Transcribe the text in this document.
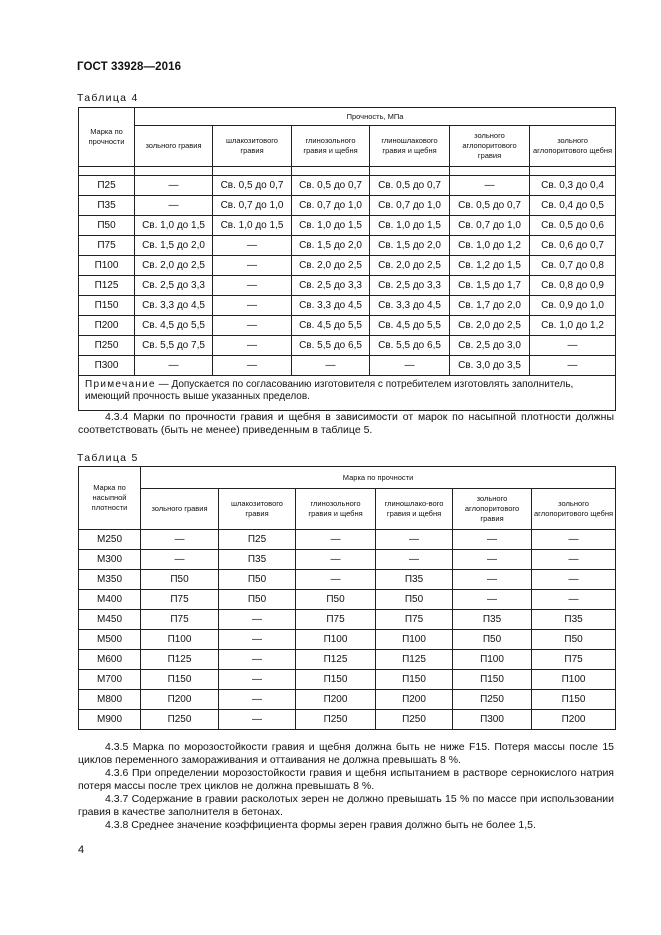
ГОСТ 33928—2016
Таблица 4
Марка по прочности	Прочность, МПа					
	зольного гравия	шлакозитового гравия	глинозольного гравия и щебня	глиношлакового гравия и щебня	зольного аглопоритового гравия	зольного аглопоритового щебня

П25	—	Св. 0,5 до 0,7	Св. 0,5 до 0,7	Св. 0,5 до 0,7	—	Св. 0,3 до 0,4
П35	—	Св. 0,7 до 1,0	Св. 0,7 до 1,0	Св. 0,7 до 1,0	Св. 0,5 до 0,7	Св. 0,4 до 0,5
П50	Св. 1,0 до 1,5	Св. 1,0 до 1,5	Св. 1,0 до 1,5	Св. 1,0 до 1,5	Св. 0,7 до 1,0	Св. 0,5 до 0,6
П75	Св. 1,5 до 2,0	—	Св. 1,5 до 2,0	Св. 1,5 до 2,0	Св. 1,0 до 1,2	Св. 0,6 до 0,7
П100	Св. 2,0 до 2,5	—	Св. 2,0 до 2,5	Св. 2,0 до 2,5	Св. 1,2 до 1,5	Св. 0,7 до 0,8
П125	Св. 2,5 до 3,3	—	Св. 2,5 до 3,3	Св. 2,5 до 3,3	Св. 1,5 до 1,7	Св. 0,8 до 0,9
П150	Св. 3,3 до 4,5	—	Св. 3,3 до 4,5	Св. 3,3 до 4,5	Св. 1,7 до 2,0	Св. 0,9 до 1,0
П200	Св. 4,5 до 5,5	—	Св. 4,5 до 5,5	Св. 4,5 до 5,5	Св. 2,0 до 2,5	Св. 1,0 до 1,2
П250	Св. 5,5 до 7,5	—	Св. 5,5 до 6,5	Св. 5,5 до 6,5	Св. 2,5 до 3,0	—
П300	—	—	—	—	Св. 3,0 до 3,5	—
Примечание — Допускается по согласованию изготовителя с потребителем изготовлять заполнитель, имеющий прочность выше указанных пределов.						
4.3.4 Марки по прочности гравия и щебня в зависимости от марок по насыпной плотности должны соответствовать (быть не менее) приведенным в таблице 5.
Таблица 5
Марка по насыпной плотности	Марка по прочности					
	зольного гравия	шлакозитового гравия	глинозольного гравия и щебня	глиношлако-вого гравия и щебня	зольного аглопоритового гравия	зольного аглопоритового щебня
М250	—	П25	—	—	—	—
М300	—	П35	—	—	—	—
М350	П50	П50	—	П35	—	—
М400	П75	П50	П50	П50	—	—
М450	П75	—	П75	П75	П35	П35
М500	П100	—	П100	П100	П50	П50
М600	П125	—	П125	П125	П100	П75
М700	П150	—	П150	П150	П150	П100
М800	П200	—	П200	П200	П250	П150
М900	П250	—	П250	П250	П300	П200
4.3.5 Марка по морозостойкости гравия и щебня должна быть не ниже F15. Потеря массы после 15 циклов переменного замораживания и оттаивания не должна превышать 8 %.
4.3.6 При определении морозостойкости гравия и щебня испытанием в растворе сернокислого натрия потеря массы после трех циклов не должна превышать 8 %.
4.3.7 Содержание в гравии расколотых зерен не должно превышать 15 % по массе при использовании гравия в качестве заполнителя в бетонах.
4.3.8 Среднее значение коэффициента формы зерен гравия должно быть не более 1,5.
4
